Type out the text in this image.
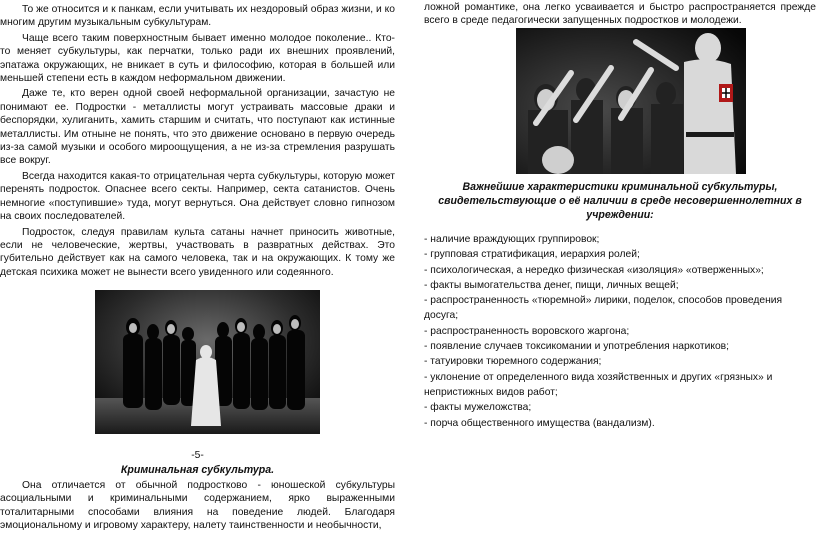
То же относится и к панкам, если учитывать их нездоровый образ жизни, и ко многим другим музыкальным субкультурам.

Чаще всего таким поверхностным бывает именно молодое поколение.. Кто-то меняет субкультуры, как перчатки, только ради их внешних проявлений, эпатажа окружающих, не вникает в суть и философию, которая в большей или меньшей степени есть в каждом неформальном движении.

Даже те, кто верен одной своей неформальной организации, зачастую не понимают ее. Подростки - металлисты могут устраивать массовые драки и беспорядки, хулиганить, хамить старшим и считать, что поступают как истинные металлисты. Им отныне не понять, что это движение основано в первую очередь из-за самой музыки и особого мироощущения, а не из-за стремления разрушать все вокруг.

Всегда находится какая-то отрицательная черта субкультуры, которую может перенять подросток. Опаснее всего секты. Например, секта сатанистов. Очень немногие «поступившие» туда, могут вернуться. Она действует словно гипнозом на своих последователей.

Подросток, следуя правилам культа сатаны начнет приносить животные, если не человеческие, жертвы, участвовать в развратных действах. Это губительно действует как на самого человека, так и на окружающих. К тому же детская психика может не вынести всего увиденного или содеянного.

-5-

Криминальная субкультура.

Она отличается от обычной подростково - юношеской субкультуры асоциальными и криминальными содержанием, ярко выраженными тоталитарными способами влияния на поведение людей. Благодаря эмоциональному и игровому характеру, налету таинственности и необычности,

ложной романтикe, она легко усваивается и быстро распространяется прежде всего в среде педагогически запущенных подростков и молодежи.

Важнейшие характеристики криминальной субкультуры, свидетельствующие о её наличии в среде несовершеннолетних в учреждении:

- наличие враждующих группировок;
- групповая стратификация, иерархия ролей;
- психологическая, а нередко физическая «изоляция» «отверженных»;
- факты вымогательства денег, пищи, личных вещей;
- распространенность «тюремной» лирики, поделок, способов проведения досуга;
- распространенность воровского жаргона;
- появление случаев токсикомании и употребления наркотиков;
- татуировки тюремного содержания;
- уклонение от определенного вида хозяйственных и других «грязных» и непристижных видов работ;
- факты мужеложства;
- порча общественного имущества (вандализм).
